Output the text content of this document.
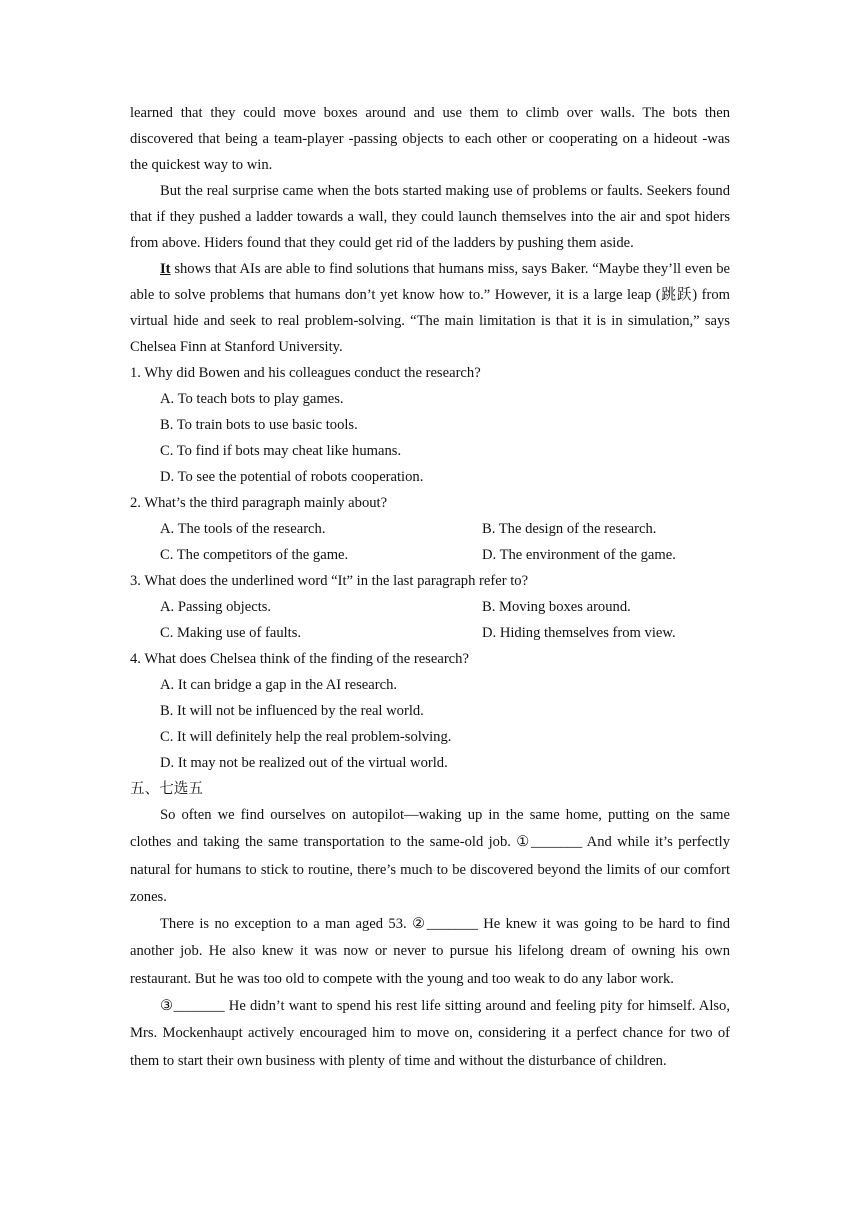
learned that they could move boxes around and use them to climb over walls. The bots then discovered that being a team-player -passing objects to each other or cooperating on a hideout -was the quickest way to win.

But the real surprise came when the bots started making use of problems or faults. Seekers found that if they pushed a ladder towards a wall, they could launch themselves into the air and spot hiders from above. Hiders found that they could get rid of the ladders by pushing them aside.

It shows that AIs are able to find solutions that humans miss, says Baker. “Maybe they’ll even be able to solve problems that humans don’t yet know how to.” However, it is a large leap (跳跃) from virtual hide and seek to real problem-solving. “The main limitation is that it is in simulation,” says Chelsea Finn at Stanford University.

1. Why did Bowen and his colleagues conduct the research?

A. To teach bots to play games.
B. To train bots to use basic tools.
C. To find if bots may cheat like humans.
D. To see the potential of robots cooperation.

2. What’s the third paragraph mainly about?

A. The tools of the research.	B. The design of the research.
C. The competitors of the game.	D. The environment of the game.

3. What does the underlined word “It” in the last paragraph refer to?

A. Passing objects.	B. Moving boxes around.
C. Making use of faults.	D. Hiding themselves from view.

4. What does Chelsea think of the finding of the research?

A. It can bridge a gap in the AI research.
B. It will not be influenced by the real world.
C. It will definitely help the real problem-solving.
D. It may not be realized out of the virtual world.

五、七选五

So often we find ourselves on autopilot—waking up in the same home, putting on the same clothes and taking the same transportation to the same-old job. ①_______ And while it’s perfectly natural for humans to stick to routine, there’s much to be discovered beyond the limits of our comfort zones.

There is no exception to a man aged 53. ②_______ He knew it was going to be hard to find another job. He also knew it was now or never to pursue his lifelong dream of owning his own restaurant. But he was too old to compete with the young and too weak to do any labor work.

③_______ He didn’t want to spend his rest life sitting around and feeling pity for himself. Also, Mrs. Mockenhaupt actively encouraged him to move on, considering it a perfect chance for two of them to start their own business with plenty of time and without the disturbance of children.
